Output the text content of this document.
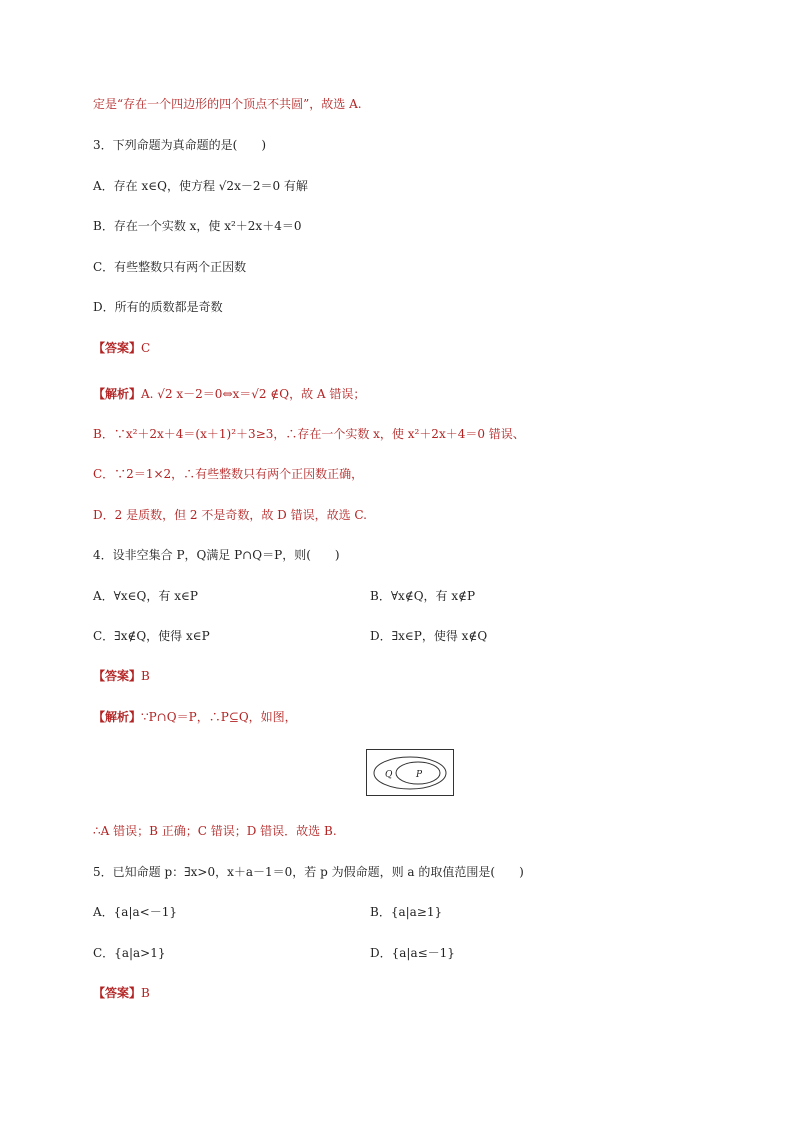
定是“存在一个四边形的四个顶点不共圆”，故选 A.
3．下列命题为真命题的是(　　)
A．存在 x∈Q，使方程 √2x－2＝0 有解
B．存在一个实数 x，使 x²＋2x＋4＝0
C．有些整数只有两个正因数
D．所有的质数都是奇数
【答案】C
【解析】A. √2 x－2＝0⇔x＝√2 ∉Q，故 A 错误；
B．∵x²＋2x＋4＝(x＋1)²＋3≥3，∴存在一个实数 x，使 x²＋2x＋4＝0 错误、
C．∵2＝1×2，∴有些整数只有两个正因数正确，
D．2 是质数，但 2 不是奇数，故 D 错误，故选 C.
4．设非空集合 P，Q满足 P∩Q＝P，则(　　)
A．∀x∈Q，有 x∈P	B．∀x∉Q，有 x∉P
C．∃x∉Q，使得 x∈P	D．∃x∈P，使得 x∉Q
【答案】B
【解析】∵P∩Q＝P，∴P⊆Q，如图，
Q	P
∴A 错误；B 正确；C 错误；D 错误．故选 B.
5．已知命题 p：∃x>0，x＋a－1＝0，若 p 为假命题，则 a 的取值范围是(　　)
A．{a|a<－1}	B．{a|a≥1}
C．{a|a>1}	D．{a|a≤－1}
【答案】B
